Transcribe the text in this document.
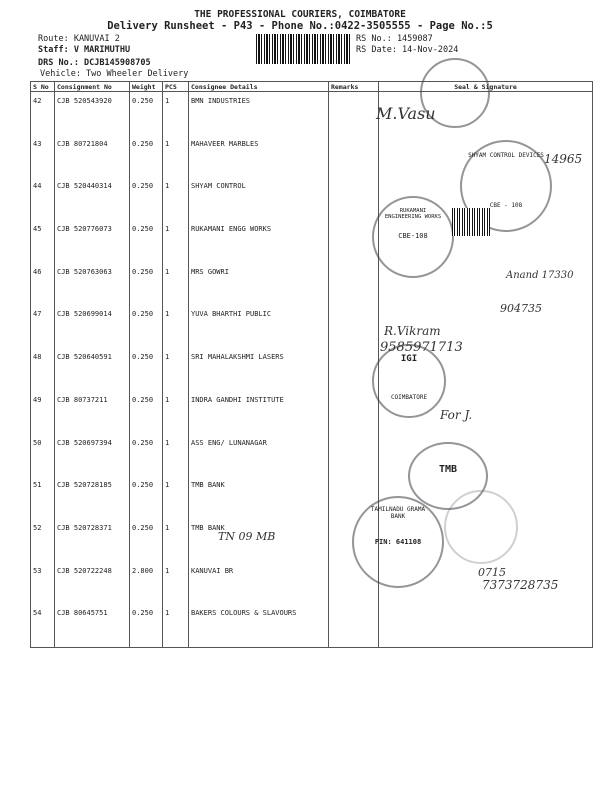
THE PROFESSIONAL COURIERS, COIMBATORE
Delivery Runsheet - P43 - Phone No.:0422-3505555 - Page No.:5
Route: KANUVAI 2
Staff: V MARIMUTHU
DRS No.: DCJB145908705
Vehicle: Two Wheeler Delivery
RS No.: 1459087
RS Date: 14-Nov-2024
S No	Consignment No	Weight	PCS	Consignee Details	Remarks	Seal & Signature
42	CJB 520543920	0.250	1	BMN INDUSTRIES		
43	CJB 80721804	0.250	1	MAHAVEER MARBLES		
44	CJB 520440314	0.250	1	SHYAM CONTROL		
45	CJB 520776073	0.250	1	RUKAMANI ENGG WORKS		
46	CJB 520763063	0.250	1	MRS GOWRI		
47	CJB 520699014	0.250	1	YUVA BHARTHI PUBLIC		
48	CJB 520640591	0.250	1	SRI MAHALAKSHMI LASERS		
49	CJB 80737211	0.250	1	INDRA GANDHI INSTITUTE		
50	CJB 520697394	0.250	1	ASS ENG/ LUNANAGAR		
51	CJB 520728185	0.250	1	TMB BANK		
52	CJB 520728371	0.250	1	TMB BANK		
53	CJB 520722248	2.800	1	KANUVAI BR		
54	CJB 80645751	0.250	1	BAKERS COLOURS & SLAVOURS		
SHYAM CONTROL DEVICES
CBE - 108
RUKAMANI ENGINEERING WORKS
CBE-108
IGI
COIMBATORE
TMB
TAMILNADU GRAMA BANK
PIN: 641108
M.Vasu
14965
Anand 17330
904735
R.Vikram
9585971713
For J.
TN 09 MB
0715
7373728735
